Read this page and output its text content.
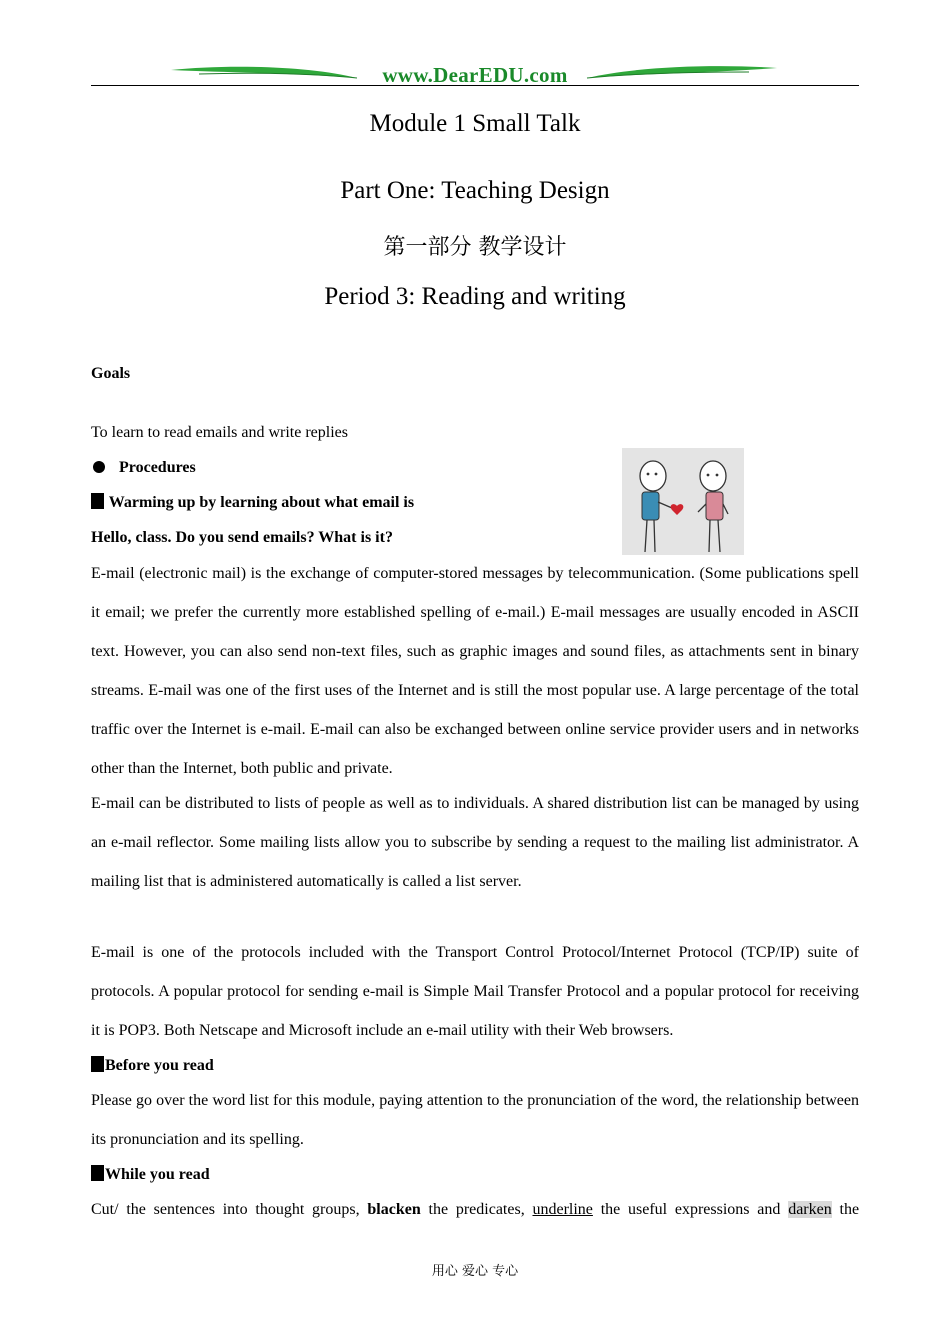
www.DearEDU.com
Module 1 Small Talk
Part One: Teaching Design
第一部分 教学设计
Period 3: Reading and writing
Goals
To learn to read emails and write replies
Procedures
Warming up by learning about what email is
Hello, class. Do you send emails? What is it?
E-mail (electronic mail) is the exchange of computer-stored messages by telecommunication. (Some publications spell it email; we prefer the currently more established spelling of e-mail.) E-mail messages are usually encoded in ASCII text. However, you can also send non-text files, such as graphic images and sound files, as attachments sent in binary streams. E-mail was one of the first uses of the Internet and is still the most popular use. A large percentage of the total traffic over the Internet is e-mail. E-mail can also be exchanged between online service provider users and in networks other than the Internet, both public and private.
E-mail can be distributed to lists of people as well as to individuals. A shared distribution list can be managed by using an e-mail reflector. Some mailing lists allow you to subscribe by sending a request to the mailing list administrator. A mailing list that is administered automatically is called a list server.
E-mail is one of the protocols included with the Transport Control Protocol/Internet Protocol (TCP/IP) suite of protocols. A popular protocol for sending e-mail is Simple Mail Transfer Protocol and a popular protocol for receiving it is POP3. Both Netscape and Microsoft include an e-mail utility with their Web browsers.
Before you read
Please go over the word list for this module, paying attention to the pronunciation of the word, the relationship between its pronunciation and its spelling.
While you read
Cut/ the sentences into thought groups, blacken the predicates, underline the useful expressions and darken the
用心 爱心 专心
